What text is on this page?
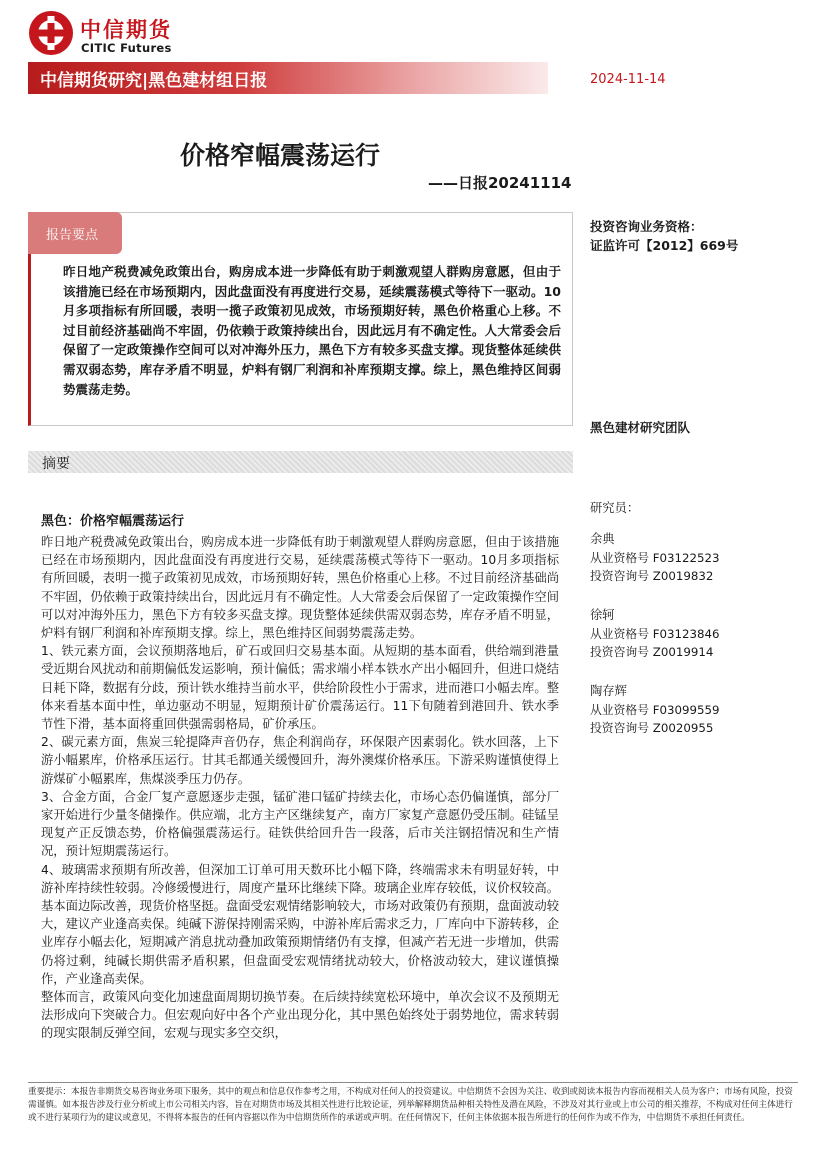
中信期货
CITIC Futures
中信期货研究|黑色建材组日报	2024-11-14
价格窄幅震荡运行
——日报20241114
报告要点
昨日地产税费减免政策出台，购房成本进一步降低有助于刺激观望人群购房意愿，但由于该措施已经在市场预期内，因此盘面没有再度进行交易，延续震荡模式等待下一驱动。10月多项指标有所回暖，表明一揽子政策初见成效，市场预期好转，黑色价格重心上移。不过目前经济基础尚不牢固，仍依赖于政策持续出台，因此远月有不确定性。人大常委会后保留了一定政策操作空间可以对冲海外压力，黑色下方有较多买盘支撑。现货整体延续供需双弱态势，库存矛盾不明显，炉料有钢厂利润和补库预期支撑。综上，黑色维持区间弱势震荡走势。
投资咨询业务资格：
证监许可【2012】669号
黑色建材研究团队
摘要
黑色：价格窄幅震荡运行

昨日地产税费减免政策出台，购房成本进一步降低有助于刺激观望人群购房意愿，但由于该措施已经在市场预期内，因此盘面没有再度进行交易，延续震荡模式等待下一驱动。10月多项指标有所回暖，表明一揽子政策初见成效，市场预期好转，黑色价格重心上移。不过目前经济基础尚不牢固，仍依赖于政策持续出台，因此远月有不确定性。人大常委会后保留了一定政策操作空间可以对冲海外压力，黑色下方有较多买盘支撑。现货整体延续供需双弱态势，库存矛盾不明显，炉料有钢厂利润和补库预期支撑。综上，黑色维持区间弱势震荡走势。

1、铁元素方面，会议预期落地后，矿石或回归交易基本面。从短期的基本面看，供给端到港量受近期台风扰动和前期偏低发运影响，预计偏低；需求端小样本铁水产出小幅回升，但进口烧结日耗下降，数据有分歧，预计铁水维持当前水平，供给阶段性小于需求，进而港口小幅去库。整体来看基本面中性，单边驱动不明显，短期预计矿价震荡运行。11下旬随着到港回升、铁水季节性下滑，基本面将重回供强需弱格局，矿价承压。

2、碳元素方面，焦炭三轮提降声音仍存，焦企利润尚存，环保限产因素弱化。铁水回落，上下游小幅累库，价格承压运行。甘其毛都通关缓慢回升，海外澳煤价格承压。下游采购谨慎使得上游煤矿小幅累库，焦煤淡季压力仍存。

3、合金方面，合金厂复产意愿逐步走强，锰矿港口锰矿持续去化，市场心态仍偏谨慎，部分厂家开始进行少量冬储操作。供应端，北方主产区继续复产，南方厂家复产意愿仍受压制。硅锰呈现复产正反馈态势，价格偏强震荡运行。硅铁供给回升告一段落，后市关注钢招情况和生产情况，预计短期震荡运行。

4、玻璃需求预期有所改善，但深加工订单可用天数环比小幅下降，终端需求未有明显好转，中游补库持续性较弱。冷修缓慢进行，周度产量环比继续下降。玻璃企业库存较低，议价权较高。基本面边际改善，现货价格坚挺。盘面受宏观情绪影响较大，市场对政策仍有预期，盘面波动较大，建议产业逢高卖保。纯碱下游保持刚需采购，中游补库后需求乏力，厂库向中下游转移，企业库存小幅去化，短期减产消息扰动叠加政策预期情绪仍有支撑，但减产若无进一步增加，供需仍将过剩，纯碱长期供需矛盾积累，但盘面受宏观情绪扰动较大，价格波动较大，建议谨慎操作，产业逢高卖保。

整体而言，政策风向变化加速盘面周期切换节奏。在后续持续宽松环境中，单次会议不及预期无法形成向下突破合力。但宏观向好中各个产业出现分化，其中黑色始终处于弱势地位，需求转弱的现实限制反弹空间，宏观与现实多空交织，

研究员：
余典
从业资格号 F03122523
投资咨询号 Z0019832
徐轲
从业资格号 F03123846
投资咨询号 Z0019914
陶存辉
从业资格号 F03099559
投资咨询号 Z0020955
重要提示：本报告非期货交易咨询业务项下服务，其中的观点和信息仅作参考之用，不构成对任何人的投资建议。中信期货不会因为关注、收到或阅读本报告内容而视相关人员为客户；市场有风险，投资需谨慎。如本报告涉及行业分析或上市公司相关内容，旨在对期货市场及其相关性进行比较论证，列举解释期货品种相关特性及潜在风险，不涉及对其行业或上市公司的相关推荐，不构成对任何主体进行或不进行某项行为的建议或意见，不得将本报告的任何内容据以作为中信期货所作的承诺或声明。在任何情况下，任何主体依据本报告所进行的任何作为或不作为，中信期货不承担任何责任。
